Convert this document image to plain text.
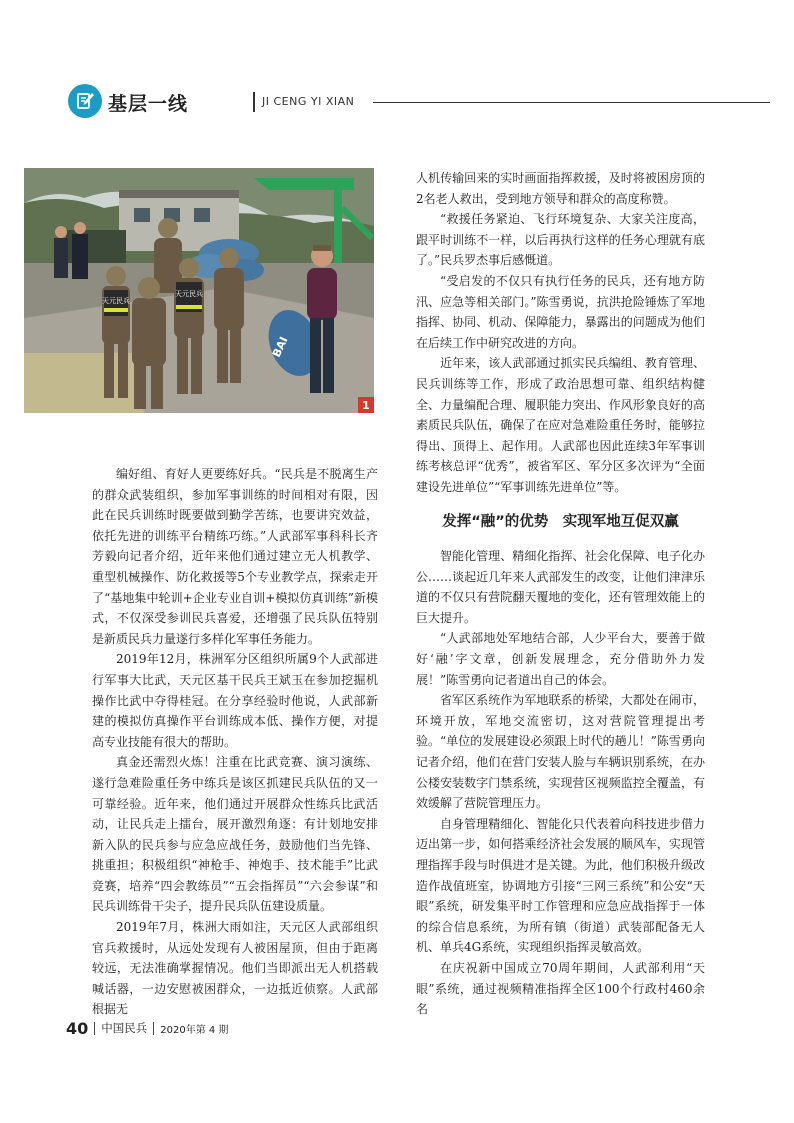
基层一线	JI CENG YI XIAN
BAI
天元民兵
天元民兵
1

编好组、育好人更要练好兵。“民兵是不脱离生产的群众武装组织，参加军事训练的时间相对有限，因此在民兵训练时既要做到勤学苦练，也要讲究效益，依托先进的训练平台精练巧练。”人武部军事科科长齐芳毅向记者介绍，近年来他们通过建立无人机教学、重型机械操作、防化救援等5个专业教学点，探索走开了“基地集中轮训+企业专业自训+模拟仿真训练”新模式，不仅深受参训民兵喜爱，还增强了民兵队伍特别是新质民兵力量遂行多样化军事任务能力。

2019年12月，株洲军分区组织所属9个人武部进行军事大比武，天元区基干民兵王斌玉在参加挖掘机操作比武中夺得桂冠。在分享经验时他说，人武部新建的模拟仿真操作平台训练成本低、操作方便，对提高专业技能有很大的帮助。

真金还需烈火炼！注重在比武竞赛、演习演练、遂行急难险重任务中练兵是该区抓建民兵队伍的又一可靠经验。近年来，他们通过开展群众性练兵比武活动，让民兵走上擂台，展开激烈角逐：有计划地安排新入队的民兵参与应急应战任务，鼓励他们当先锋、挑重担；积极组织“神枪手、神炮手、技术能手”比武竞赛，培养“四会教练员”“五会指挥员”“六会参谋”和民兵训练骨干尖子，提升民兵队伍建设质量。

2019年7月，株洲大雨如注，天元区人武部组织官兵救援时，从远处发现有人被困屋顶，但由于距离较远，无法准确掌握情况。他们当即派出无人机搭载喊话器，一边安慰被困群众，一边抵近侦察。人武部根据无

人机传输回来的实时画面指挥救援，及时将被困房顶的2名老人救出，受到地方领导和群众的高度称赞。

“救援任务紧迫、飞行环境复杂、大家关注度高，跟平时训练不一样，以后再执行这样的任务心理就有底了。”民兵罗杰事后感慨道。

“受启发的不仅只有执行任务的民兵，还有地方防汛、应急等相关部门。”陈雪勇说，抗洪抢险锤炼了军地指挥、协同、机动、保障能力，暴露出的问题成为他们在后续工作中研究改进的方向。

近年来，该人武部通过抓实民兵编组、教育管理、民兵训练等工作，形成了政治思想可靠、组织结构健全、力量编配合理、履职能力突出、作风形象良好的高素质民兵队伍，确保了在应对急难险重任务时，能够拉得出、顶得上、起作用。人武部也因此连续3年军事训练考核总评“优秀”，被省军区、军分区多次评为“全面建设先进单位”“军事训练先进单位”等。

发挥“融”的优势　实现军地互促双赢

智能化管理、精细化指挥、社会化保障、电子化办公……谈起近几年来人武部发生的改变，让他们津津乐道的不仅只有营院翻天覆地的变化，还有管理效能上的巨大提升。

“人武部地处军地结合部，人少平台大，要善于做好‘融’字文章，创新发展理念，充分借助外力发展！”陈雪勇向记者道出自己的体会。

省军区系统作为军地联系的桥梁，大都处在闹市，环境开放，军地交流密切，这对营院管理提出考验。“单位的发展建设必须跟上时代的趟儿！”陈雪勇向记者介绍，他们在营门安装人脸与车辆识别系统，在办公楼安装数字门禁系统，实现营区视频监控全覆盖，有效缓解了营院管理压力。

自身管理精细化、智能化只代表着向科技进步借力迈出第一步，如何搭乘经济社会发展的顺风车，实现管理指挥手段与时俱进才是关键。为此，他们积极升级改造作战值班室，协调地方引接“三网三系统”和公安“天眼”系统，研发集平时工作管理和应急应战指挥于一体的综合信息系统，为所有镇（街道）武装部配备无人机、单兵4G系统，实现组织指挥灵敏高效。

在庆祝新中国成立70周年期间，人武部利用“天眼”系统，通过视频精准指挥全区100个行政村460余名

40 中国民兵 2020年第 4 期
